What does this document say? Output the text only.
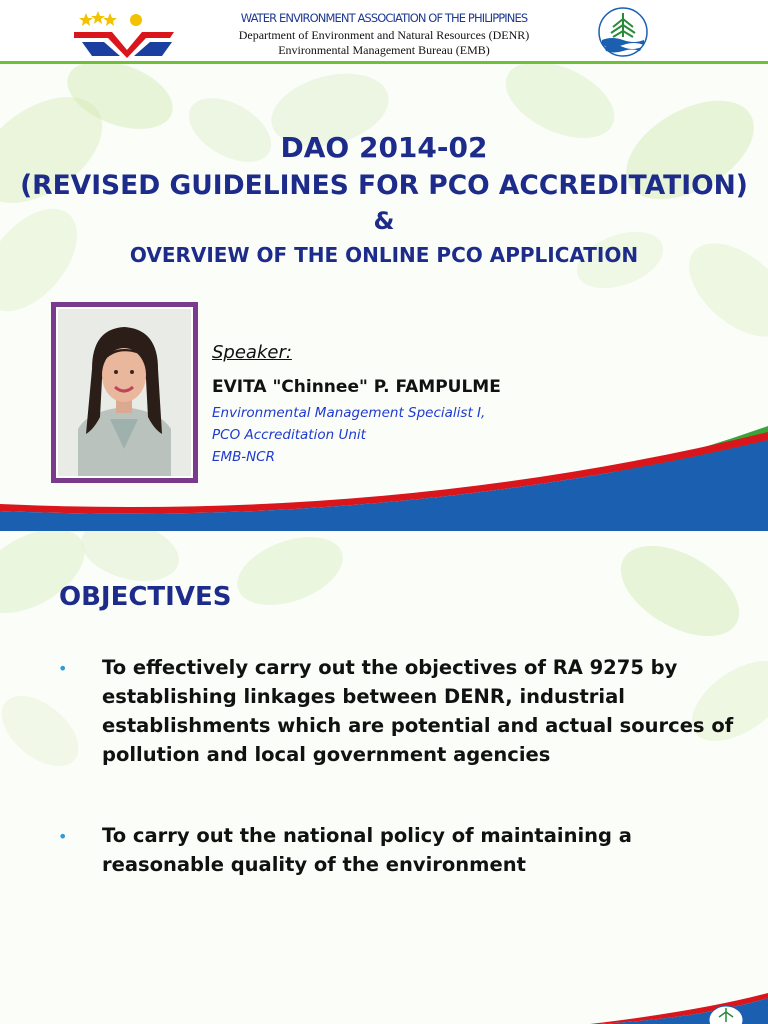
WATER ENVIRONMENT ASSOCIATION OF THE PHILIPPINES
Department of Environment and Natural Resources (DENR)
Environmental Management Bureau (EMB)
DAO 2014-02
(REVISED GUIDELINES FOR PCO ACCREDITATION)
&
OVERVIEW OF THE ONLINE PCO APPLICATION
Speaker:
EVITA "Chinnee" P. FAMPULME
Environmental Management Specialist I,
PCO Accreditation Unit
EMB-NCR
OBJECTIVES
• To effectively carry out the objectives of RA 9275 by establishing linkages between DENR, industrial establishments which are potential and actual sources of pollution and local government agencies
• To carry out the national policy of maintaining a reasonable quality of the environment
